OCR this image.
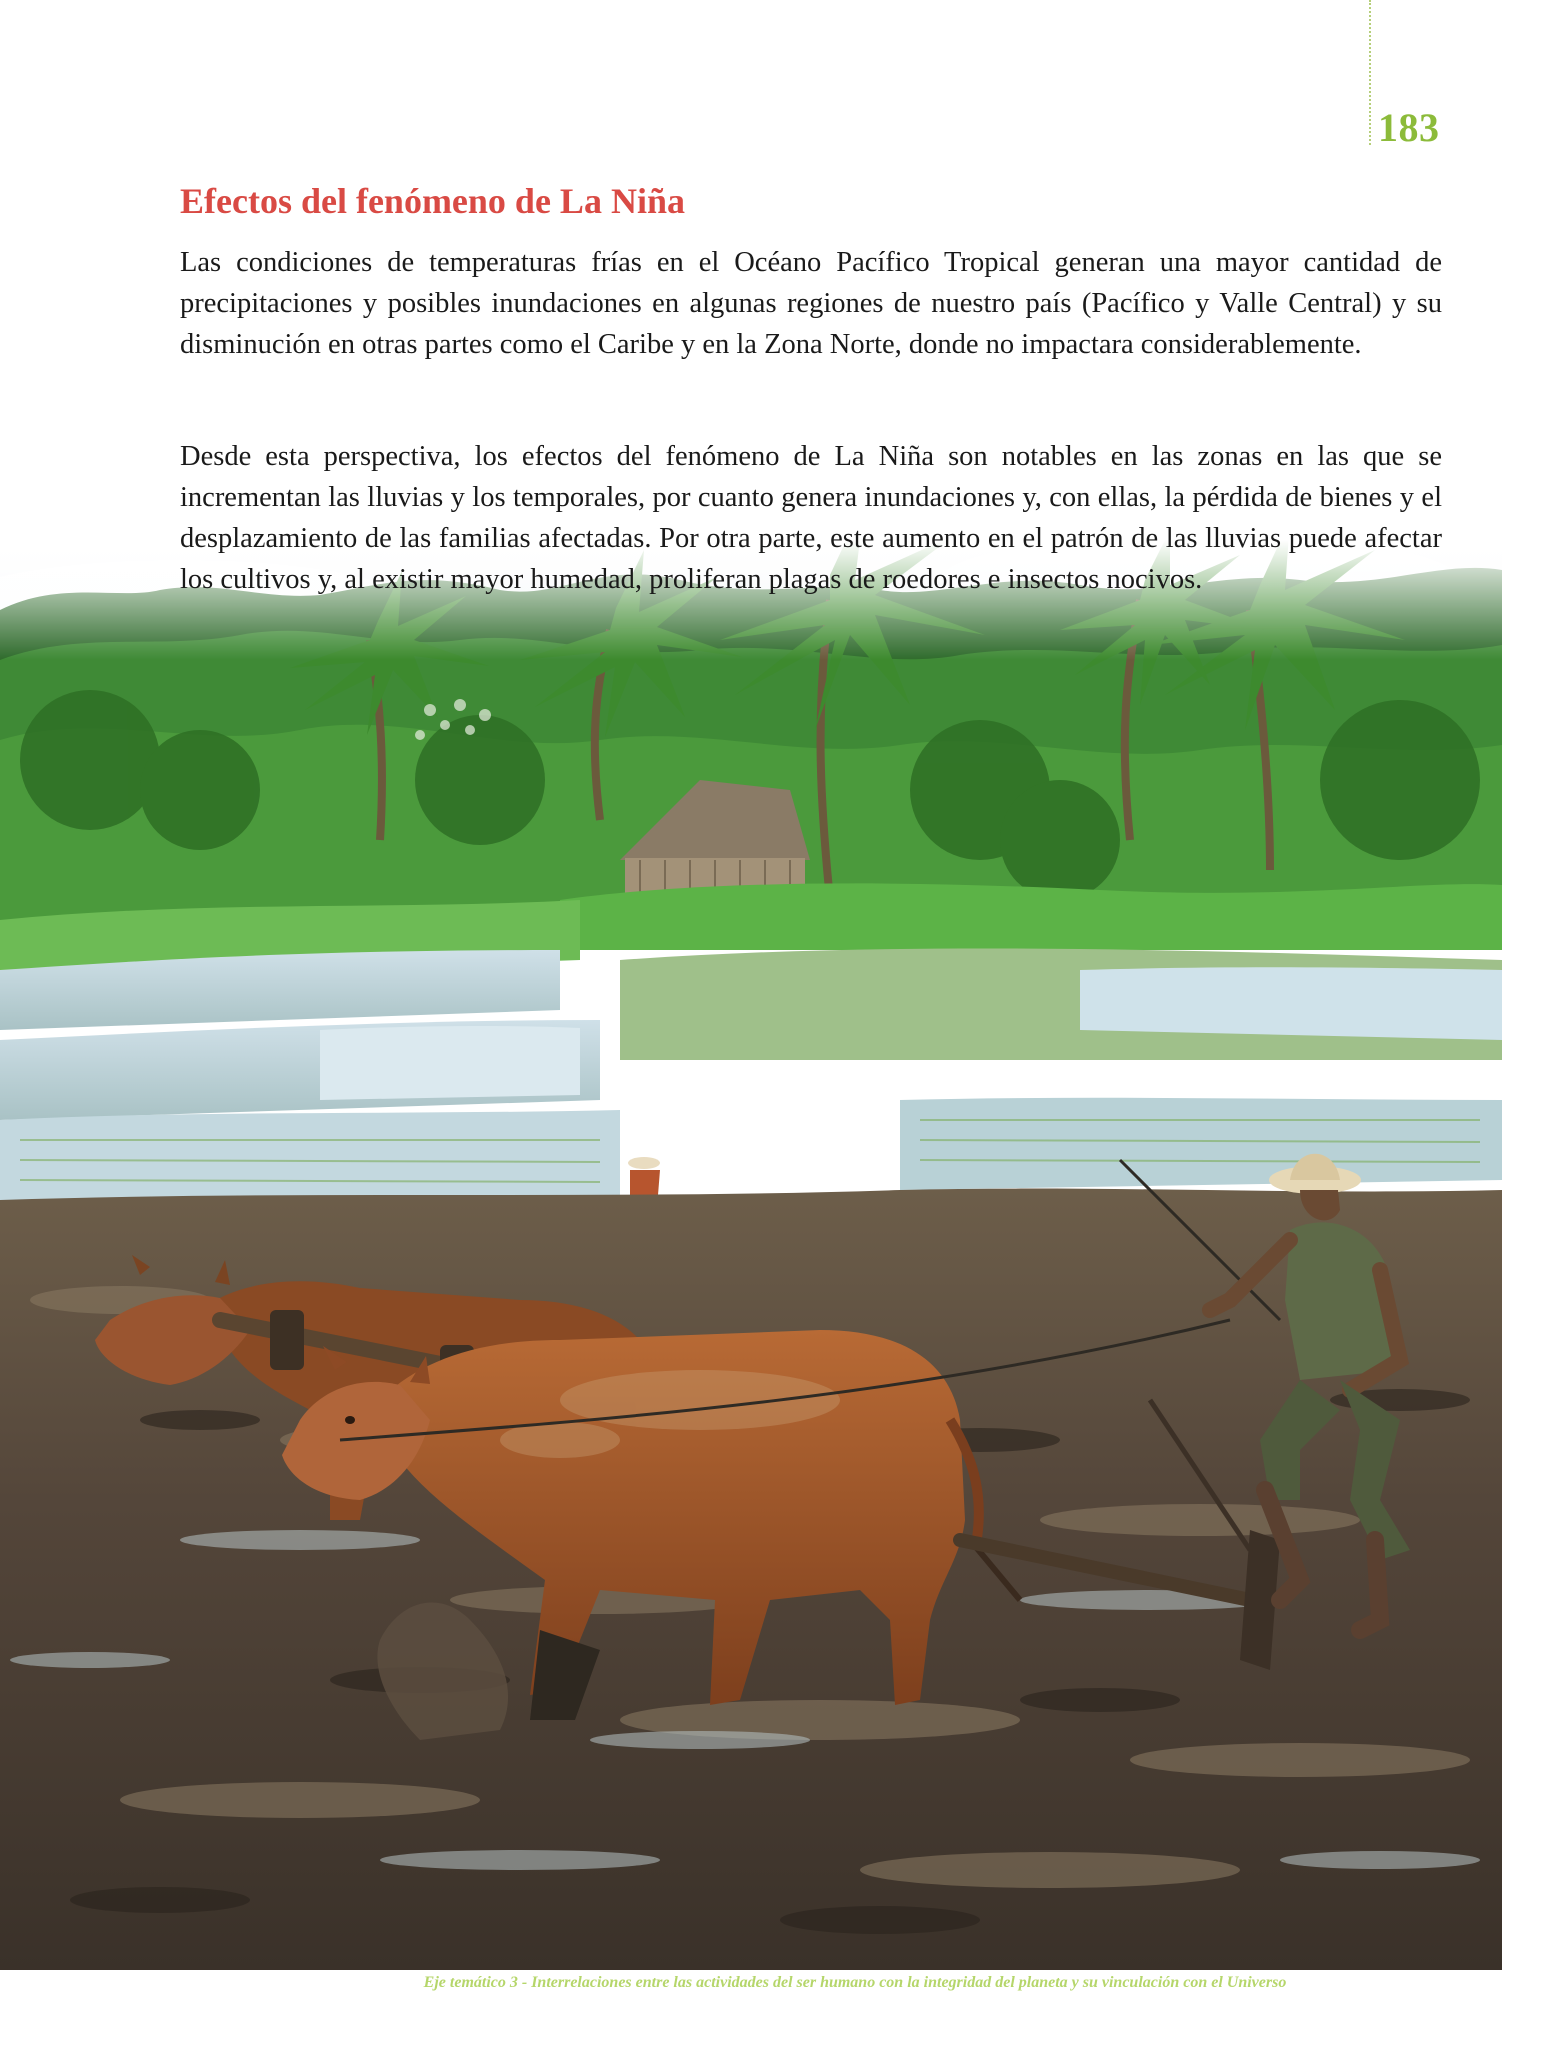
183
Efectos del fenómeno de La Niña

Las condiciones de temperaturas frías en el Océano Pacífico Tropical generan una mayor cantidad de precipitaciones y posibles inundaciones en algunas regiones de nuestro país (Pacífico y Valle Central) y su disminución en otras partes como el Caribe y en la Zona Norte, donde no impactara considerablemente.

Desde esta perspectiva, los efectos del fenómeno de La Niña son notables en las zonas en las que se incrementan las lluvias y los temporales, por cuanto genera inundaciones y, con ellas, la pérdida de bienes y el desplazamiento de las familias afectadas. Por otra parte, este aumento en el patrón de las lluvias puede afectar los cultivos y, al existir mayor humedad, proliferan plagas de roedores e insectos nocivos.

Eje temático 3 - Interrelaciones entre las actividades del ser humano con la integridad del planeta y su vinculación con el Universo
